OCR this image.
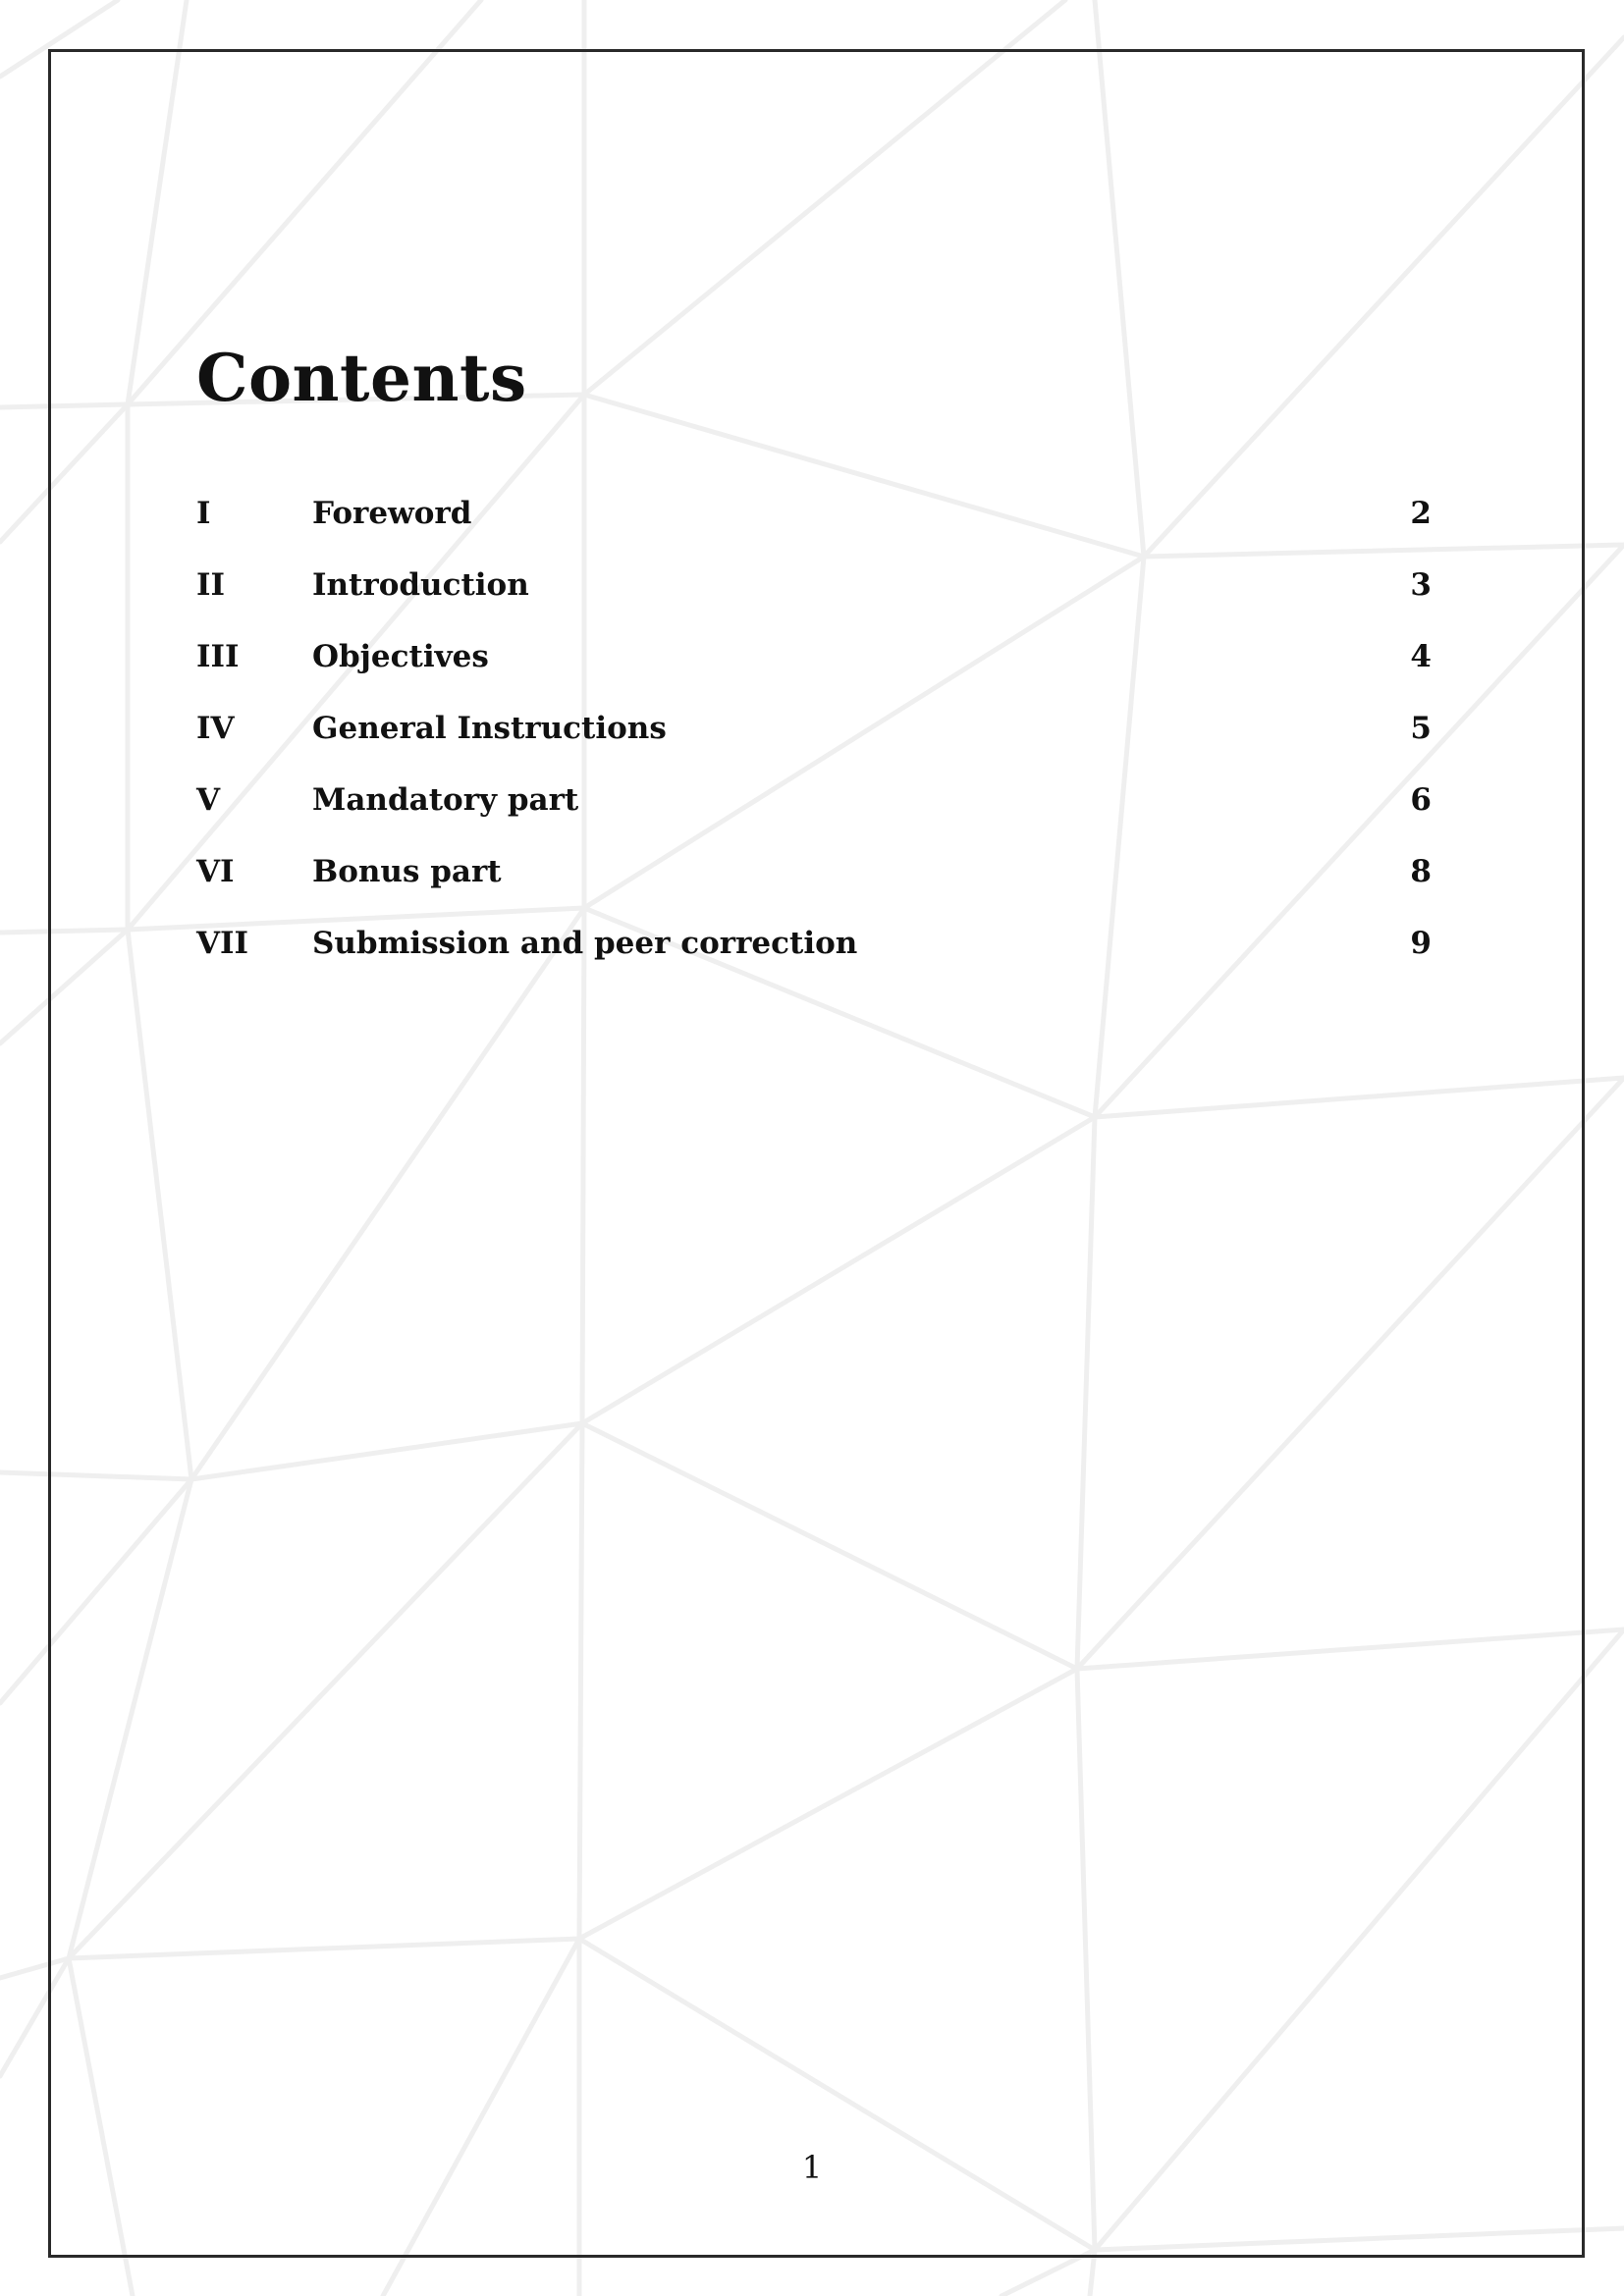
Contents
I	Foreword	2
II	Introduction	3
III Objectives	4
IV	General Instructions	5
V	Mandatory part	6
VI	Bonus part	8
VII Submission and peer correction	9
1
